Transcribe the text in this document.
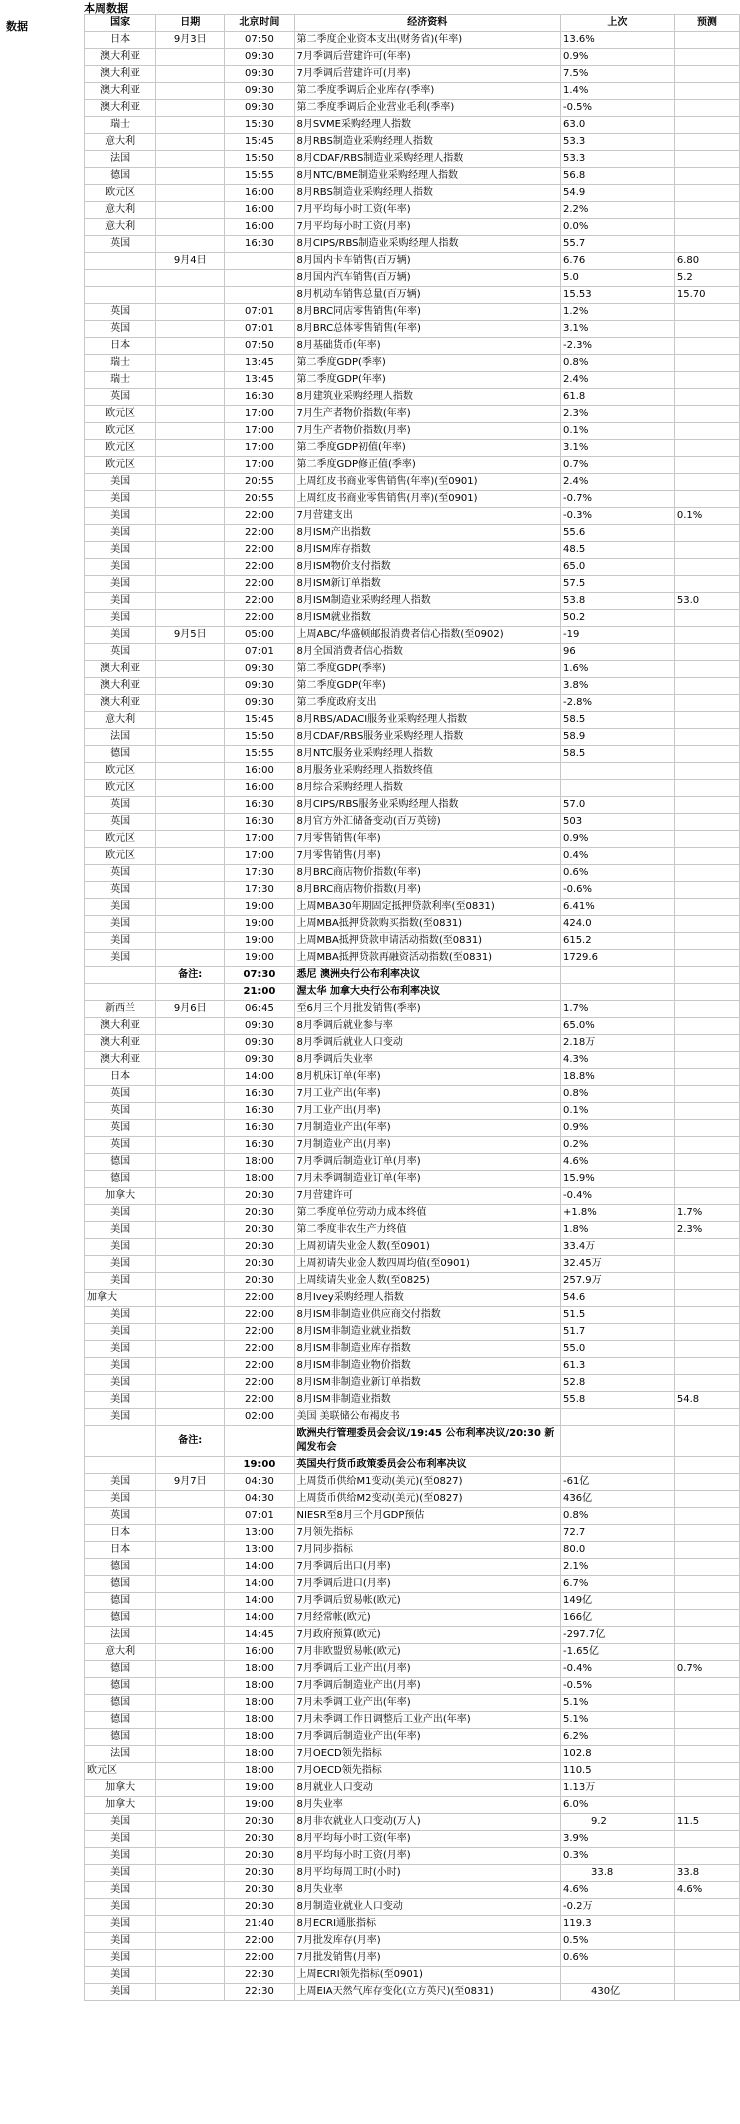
本周数据
数据	国家	日期	北京时间	经济资料	上次	预测
日本	9月3日	07:50	第二季度企业资本支出(财务省)(年率)	13.6%	
澳大利亚		09:30	7月季调后营建许可(年率)	0.9%	
澳大利亚		09:30	7月季调后营建许可(月率)	7.5%	
澳大利亚		09:30	第二季度季调后企业库存(季率)	1.4%	
澳大利亚		09:30	第二季度季调后企业营业毛利(季率)	-0.5%	
瑞士		15:30	8月SVME采购经理人指数	63.0	
意大利		15:45	8月RBS制造业采购经理人指数	53.3	
法国		15:50	8月CDAF/RBS制造业采购经理人指数	53.3	
德国		15:55	8月NTC/BME制造业采购经理人指数	56.8	
欧元区		16:00	8月RBS制造业采购经理人指数	54.9	
意大利		16:00	7月平均每小时工资(年率)	2.2%	
意大利		16:00	7月平均每小时工资(月率)	0.0%	
英国		16:30	8月CIPS/RBS制造业采购经理人指数	55.7	
	9月4日		8月国内卡车销售(百万辆)	6.76	6.80
			8月国内汽车销售(百万辆)	5.0	5.2
			8月机动车销售总量(百万辆)	15.53	15.70
英国		07:01	8月BRC同店零售销售(年率)	1.2%	
英国		07:01	8月BRC总体零售销售(年率)	3.1%	
日本		07:50	8月基础货币(年率)	-2.3%	
瑞士		13:45	第二季度GDP(季率)	0.8%	
瑞士		13:45	第二季度GDP(年率)	2.4%	
英国		16:30	8月建筑业采购经理人指数	61.8	
欧元区		17:00	7月生产者物价指数(年率)	2.3%	
欧元区		17:00	7月生产者物价指数(月率)	0.1%	
欧元区		17:00	第二季度GDP初值(年率)	3.1%	
欧元区		17:00	第二季度GDP修正值(季率)	0.7%	
美国		20:55	上周红皮书商业零售销售(年率)(至0901)	2.4%	
美国		20:55	上周红皮书商业零售销售(月率)(至0901)	-0.7%	
美国		22:00	7月营建支出	-0.3%	0.1%
美国		22:00	8月ISM产出指数	55.6	
美国		22:00	8月ISM库存指数	48.5	
美国		22:00	8月ISM物价支付指数	65.0	
美国		22:00	8月ISM新订单指数	57.5	
美国		22:00	8月ISM制造业采购经理人指数	53.8	53.0
美国		22:00	8月ISM就业指数	50.2	
美国	9月5日	05:00	上周ABC/华盛顿邮报消费者信心指数(至0902)	-19	
英国		07:01	8月全国消费者信心指数	96	
澳大利亚		09:30	第二季度GDP(季率)	1.6%	
澳大利亚		09:30	第二季度GDP(年率)	3.8%	
澳大利亚		09:30	第二季度政府支出	-2.8%	
意大利		15:45	8月RBS/ADACI服务业采购经理人指数	58.5	
法国		15:50	8月CDAF/RBS服务业采购经理人指数	58.9	
德国		15:55	8月NTC服务业采购经理人指数	58.5	
欧元区		16:00	8月服务业采购经理人指数终值		
欧元区		16:00	8月综合采购经理人指数		
英国		16:30	8月CIPS/RBS服务业采购经理人指数	57.0	
英国		16:30	8月官方外汇储备变动(百万英镑)	503	
欧元区		17:00	7月零售销售(年率)	0.9%	
欧元区		17:00	7月零售销售(月率)	0.4%	
英国		17:30	8月BRC商店物价指数(年率)	0.6%	
英国		17:30	8月BRC商店物价指数(月率)	-0.6%	
美国		19:00	上周MBA30年期固定抵押贷款利率(至0831)	6.41%	
美国		19:00	上周MBA抵押贷款购买指数(至0831)	424.0	
美国		19:00	上周MBA抵押贷款申请活动指数(至0831)	615.2	
美国		19:00	上周MBA抵押贷款再融资活动指数(至0831)	1729.6	
	备注:	07:30	悉尼 澳洲央行公布利率决议		
		21:00	渥太华 加拿大央行公布利率决议		
新西兰	9月6日	06:45	至6月三个月批发销售(季率)	1.7%	
澳大利亚		09:30	8月季调后就业参与率	65.0%	
澳大利亚		09:30	8月季调后就业人口变动	2.18万	
澳大利亚		09:30	8月季调后失业率	4.3%	
日本		14:00	8月机床订单(年率)	18.8%	
英国		16:30	7月工业产出(年率)	0.8%	
英国		16:30	7月工业产出(月率)	0.1%	
英国		16:30	7月制造业产出(年率)	0.9%	
英国		16:30	7月制造业产出(月率)	0.2%	
德国		18:00	7月季调后制造业订单(月率)	4.6%	
德国		18:00	7月未季调制造业订单(年率)	15.9%	
加拿大		20:30	7月营建许可	-0.4%	
美国		20:30	第二季度单位劳动力成本终值	+1.8%	1.7%
美国		20:30	第二季度非农生产力终值	1.8%	2.3%
美国		20:30	上周初请失业金人数(至0901)	33.4万	
美国		20:30	上周初请失业金人数四周均值(至0901)	32.45万	
美国		20:30	上周续请失业金人数(至0825)	257.9万	
加拿大		22:00	8月Ivey采购经理人指数	54.6	
美国		22:00	8月ISM非制造业供应商交付指数	51.5	
美国		22:00	8月ISM非制造业就业指数	51.7	
美国		22:00	8月ISM非制造业库存指数	55.0	
美国		22:00	8月ISM非制造业物价指数	61.3	
美国		22:00	8月ISM非制造业新订单指数	52.8	
美国		22:00	8月ISM非制造业指数	55.8	54.8
美国		02:00	美国 美联储公布褐皮书		
	备注:		欧洲央行管理委员会会议/19:45 公布利率决议/20:30 新闻发布会		
		19:00	英国央行货币政策委员会公布利率决议		
美国	9月7日	04:30	上周货币供给M1变动(美元)(至0827)	-61亿	
美国		04:30	上周货币供给M2变动(美元)(至0827)	436亿	
英国		07:01	NIESR至8月三个月GDP预估	0.8%	
日本		13:00	7月领先指标	72.7	
日本		13:00	7月同步指标	80.0	
德国		14:00	7月季调后出口(月率)	2.1%	
德国		14:00	7月季调后进口(月率)	6.7%	
德国		14:00	7月季调后贸易帐(欧元)	149亿	
德国		14:00	7月经常帐(欧元)	166亿	
法国		14:45	7月政府预算(欧元)	-297.7亿	
意大利		16:00	7月非欧盟贸易帐(欧元)	-1.65亿	
德国		18:00	7月季调后工业产出(月率)	-0.4%	0.7%
德国		18:00	7月季调后制造业产出(月率)	-0.5%	
德国		18:00	7月未季调工业产出(年率)	5.1%	
德国		18:00	7月未季调工作日调整后工业产出(年率)	5.1%	
德国		18:00	7月季调后制造业产出(年率)	6.2%	
法国		18:00	7月OECD领先指标	102.8	
欧元区		18:00	7月OECD领先指标	110.5	
加拿大		19:00	8月就业人口变动	1.13万	
加拿大		19:00	8月失业率	6.0%	
美国		20:30	8月非农就业人口变动(万人)	9.2	11.5
美国		20:30	8月平均每小时工资(年率)	3.9%	
美国		20:30	8月平均每小时工资(月率)	0.3%	
美国		20:30	8月平均每周工时(小时)	33.8	33.8
美国		20:30	8月失业率	4.6%	4.6%
美国		20:30	8月制造业就业人口变动	-0.2万	
美国		21:40	8月ECRI通胀指标	119.3	
美国		22:00	7月批发库存(月率)	0.5%	
美国		22:00	7月批发销售(月率)	0.6%	
美国		22:30	上周ECRI领先指标(至0901)		
美国		22:30	上周EIA天然气库存变化(立方英尺)(至0831)	430亿	
